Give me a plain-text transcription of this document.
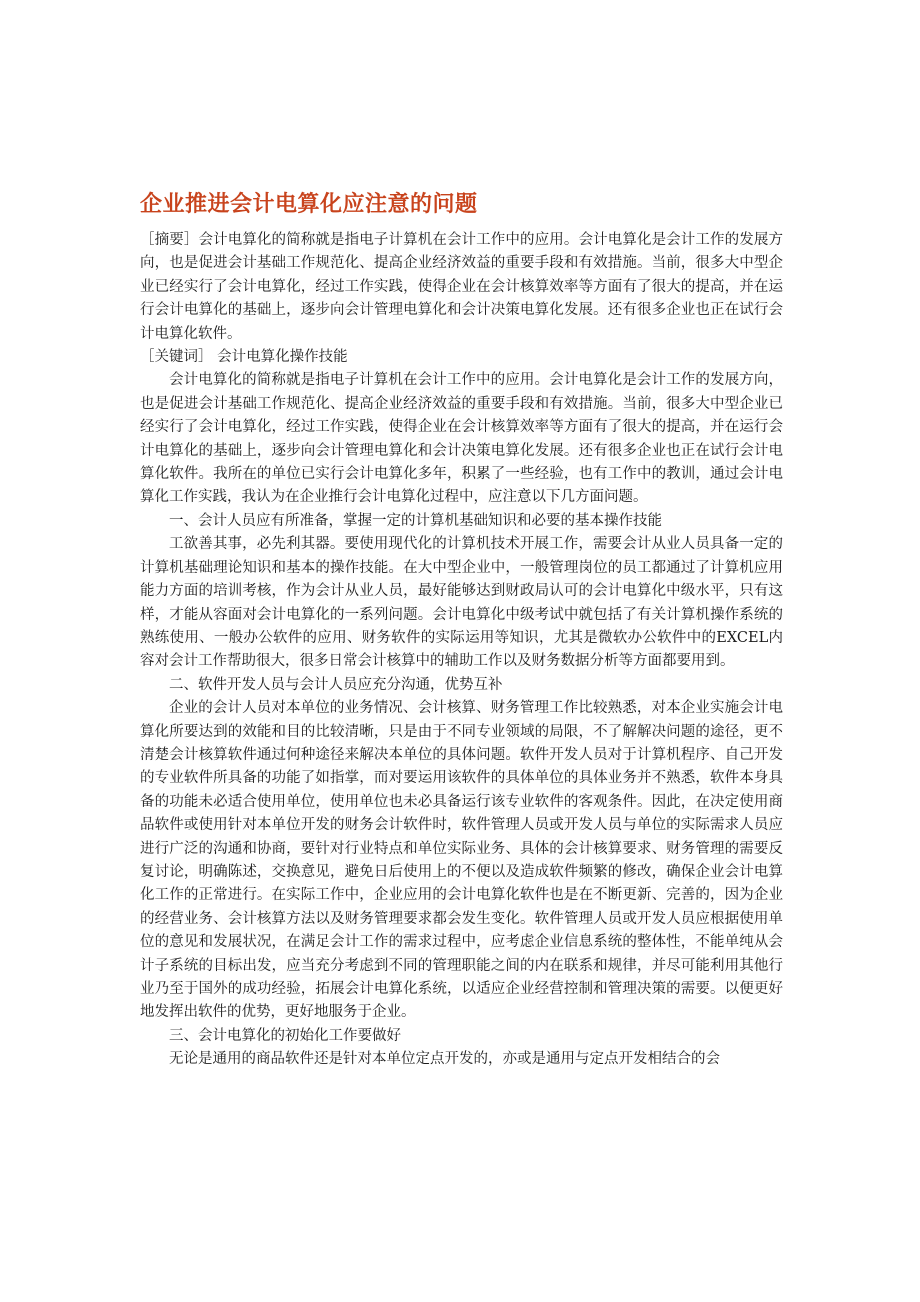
企业推进会计电算化应注意的问题

［摘要］会计电算化的简称就是指电子计算机在会计工作中的应用。会计电算化是会计工作的发展方向，也是促进会计基础工作规范化、提高企业经济效益的重要手段和有效措施。当前，很多大中型企业已经实行了会计电算化，经过工作实践，使得企业在会计核算效率等方面有了很大的提高，并在运行会计电算化的基础上，逐步向会计管理电算化和会计决策电算化发展。还有很多企业也正在试行会计电算化软件。

［关键词］ 会计电算化操作技能

会计电算化的简称就是指电子计算机在会计工作中的应用。会计电算化是会计工作的发展方向，也是促进会计基础工作规范化、提高企业经济效益的重要手段和有效措施。当前，很多大中型企业已经实行了会计电算化，经过工作实践，使得企业在会计核算效率等方面有了很大的提高，并在运行会计电算化的基础上，逐步向会计管理电算化和会计决策电算化发展。还有很多企业也正在试行会计电算化软件。我所在的单位已实行会计电算化多年，积累了一些经验，也有工作中的教训，通过会计电算化工作实践，我认为在企业推行会计电算化过程中，应注意以下几方面问题。

一、会计人员应有所准备，掌握一定的计算机基础知识和必要的基本操作技能

工欲善其事，必先利其器。要使用现代化的计算机技术开展工作，需要会计从业人员具备一定的计算机基础理论知识和基本的操作技能。在大中型企业中，一般管理岗位的员工都通过了计算机应用能力方面的培训考核，作为会计从业人员，最好能够达到财政局认可的会计电算化中级水平，只有这样，才能从容面对会计电算化的一系列问题。会计电算化中级考试中就包括了有关计算机操作系统的熟练使用、一般办公软件的应用、财务软件的实际运用等知识，尤其是微软办公软件中的EXCEL内容对会计工作帮助很大，很多日常会计核算中的辅助工作以及财务数据分析等方面都要用到。

二、软件开发人员与会计人员应充分沟通，优势互补

企业的会计人员对本单位的业务情况、会计核算、财务管理工作比较熟悉，对本企业实施会计电算化所要达到的效能和目的比较清晰，只是由于不同专业领域的局限，不了解解决问题的途径，更不清楚会计核算软件通过何种途径来解决本单位的具体问题。软件开发人员对于计算机程序、自己开发的专业软件所具备的功能了如指掌，而对要运用该软件的具体单位的具体业务并不熟悉，软件本身具备的功能未必适合使用单位，使用单位也未必具备运行该专业软件的客观条件。因此，在决定使用商品软件或使用针对本单位开发的财务会计软件时，软件管理人员或开发人员与单位的实际需求人员应进行广泛的沟通和协商，要针对行业特点和单位实际业务、具体的会计核算要求、财务管理的需要反复讨论，明确陈述，交换意见，避免日后使用上的不便以及造成软件频繁的修改，确保企业会计电算化工作的正常进行。在实际工作中，企业应用的会计电算化软件也是在不断更新、完善的，因为企业的经营业务、会计核算方法以及财务管理要求都会发生变化。软件管理人员或开发人员应根据使用单位的意见和发展状况，在满足会计工作的需求过程中，应考虑企业信息系统的整体性，不能单纯从会计子系统的目标出发，应当充分考虑到不同的管理职能之间的内在联系和规律，并尽可能利用其他行业乃至于国外的成功经验，拓展会计电算化系统，以适应企业经营控制和管理决策的需要。以便更好地发挥出软件的优势，更好地服务于企业。

三、会计电算化的初始化工作要做好

无论是通用的商品软件还是针对本单位定点开发的，亦或是通用与定点开发相结合的会
